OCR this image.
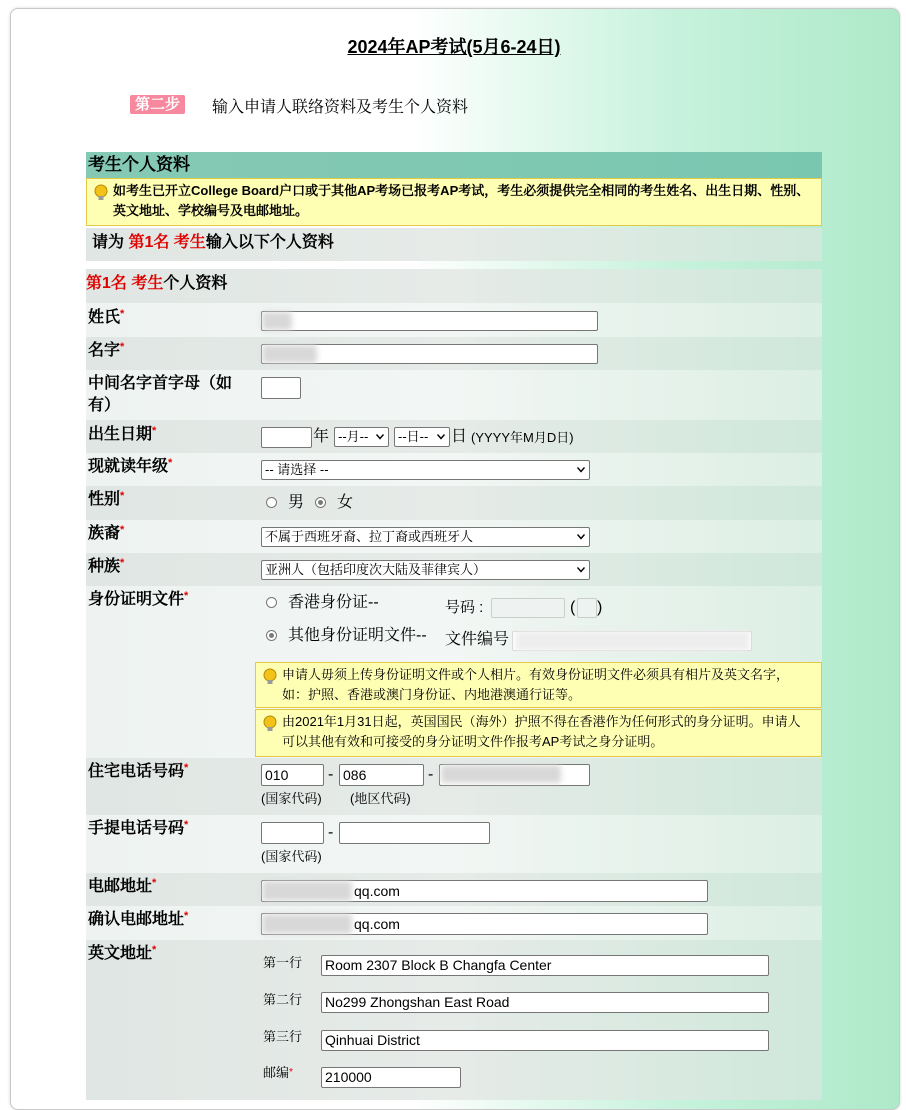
2024年AP考试(5月6-24日)
第二步	输入申请人联络资料及考生个人资料
考生个人资料
如考生已开立College Board户口或于其他AP考场已报考AP考试，考生必须提供完全相同的考生姓名、出生日期、性别、英文地址、学校编号及电邮地址。
请为 第1名 考生输入以下个人资料
第1名 考生个人资料
姓氏*
名字*
中间名字首字母（如有）
出生日期*	年 --月--	--日--	日 (YYYY年M月D日)
现就读年级*	-- 请选择 --
性别*	男 女
族裔*	不属于西班牙裔、拉丁裔或西班牙人
种族*	亚洲人（包括印度次大陆及菲律宾人）
身份证明文件*	香港身份证--	号码 :	( )
其他身份证明文件-- 文件编号
申请人毋须上传身份证明文件或个人相片。有效身份证明文件必须具有相片及英文名字，如：护照、香港或澳门身份证、内地港澳通行证等。
由2021年1月31日起，英国国民（海外）护照不得在香港作为任何形式的身分证明。申请人可以其他有效和可接受的身分证明文件作报考AP考试之身分证明。
住宅电话号码*	010	- 086	-
(国家代码) (地区代码)
手提电话号码*	-
(国家代码)
电邮地址*	qq.com
确认电邮地址*	qq.com
英文地址*
第一行 Room 2307 Block B Changfa Center
第二行 No299 Zhongshan East Road
第三行 Qinhuai District
邮编* 210000
